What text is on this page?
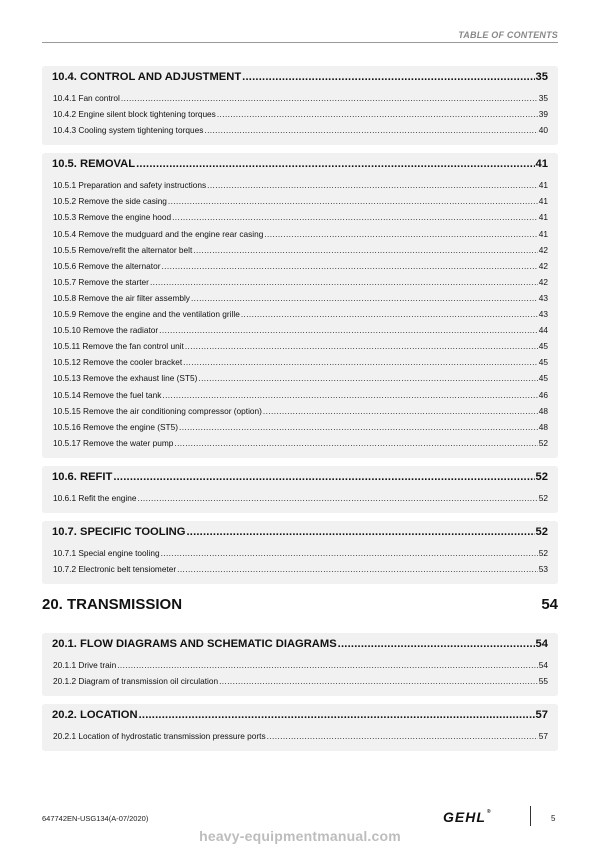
TABLE OF CONTENTS
10.4. CONTROL AND ADJUSTMENT .....	35
10.4.1 Fan control .....	35
10.4.2 Engine silent block tightening torques .....	39
10.4.3 Cooling system tightening torques .....	40
10.5. REMOVAL .....	41
10.5.1 Preparation and safety instructions .....	41
10.5.2 Remove the side casing .....	41
10.5.3 Remove the engine hood .....	41
10.5.4 Remove the mudguard and the engine rear casing .....	41
10.5.5 Remove/refit the alternator belt .....	42
10.5.6 Remove the alternator .....	42
10.5.7 Remove the starter .....	42
10.5.8 Remove the air filter assembly .....	43
10.5.9 Remove the engine and the ventilation grille .....	43
10.5.10 Remove the radiator .....	44
10.5.11 Remove the fan control unit .....	45
10.5.12 Remove the cooler bracket .....	45
10.5.13 Remove the exhaust line (ST5) .....	45
10.5.14 Remove the fuel tank .....	46
10.5.15 Remove the air conditioning compressor (option) .....	48
10.5.16 Remove the engine (ST5) .....	48
10.5.17 Remove the water pump .....	52
10.6. REFIT .....	52
10.6.1 Refit the engine .....	52
10.7. SPECIFIC TOOLING .....	52
10.7.1 Special engine tooling .....	52
10.7.2 Electronic belt tensiometer .....	53
20. TRANSMISSION	54
20.1. FLOW DIAGRAMS AND SCHEMATIC DIAGRAMS .....	54
20.1.1 Drive train .....	54
20.1.2 Diagram of transmission oil circulation .....	55
20.2. LOCATION .....	57
20.2.1 Location of hydrostatic transmission pressure ports .....	57
647742EN-USG134(A-07/2020)	GEHL®
5
heavy-equipmentmanual.com
